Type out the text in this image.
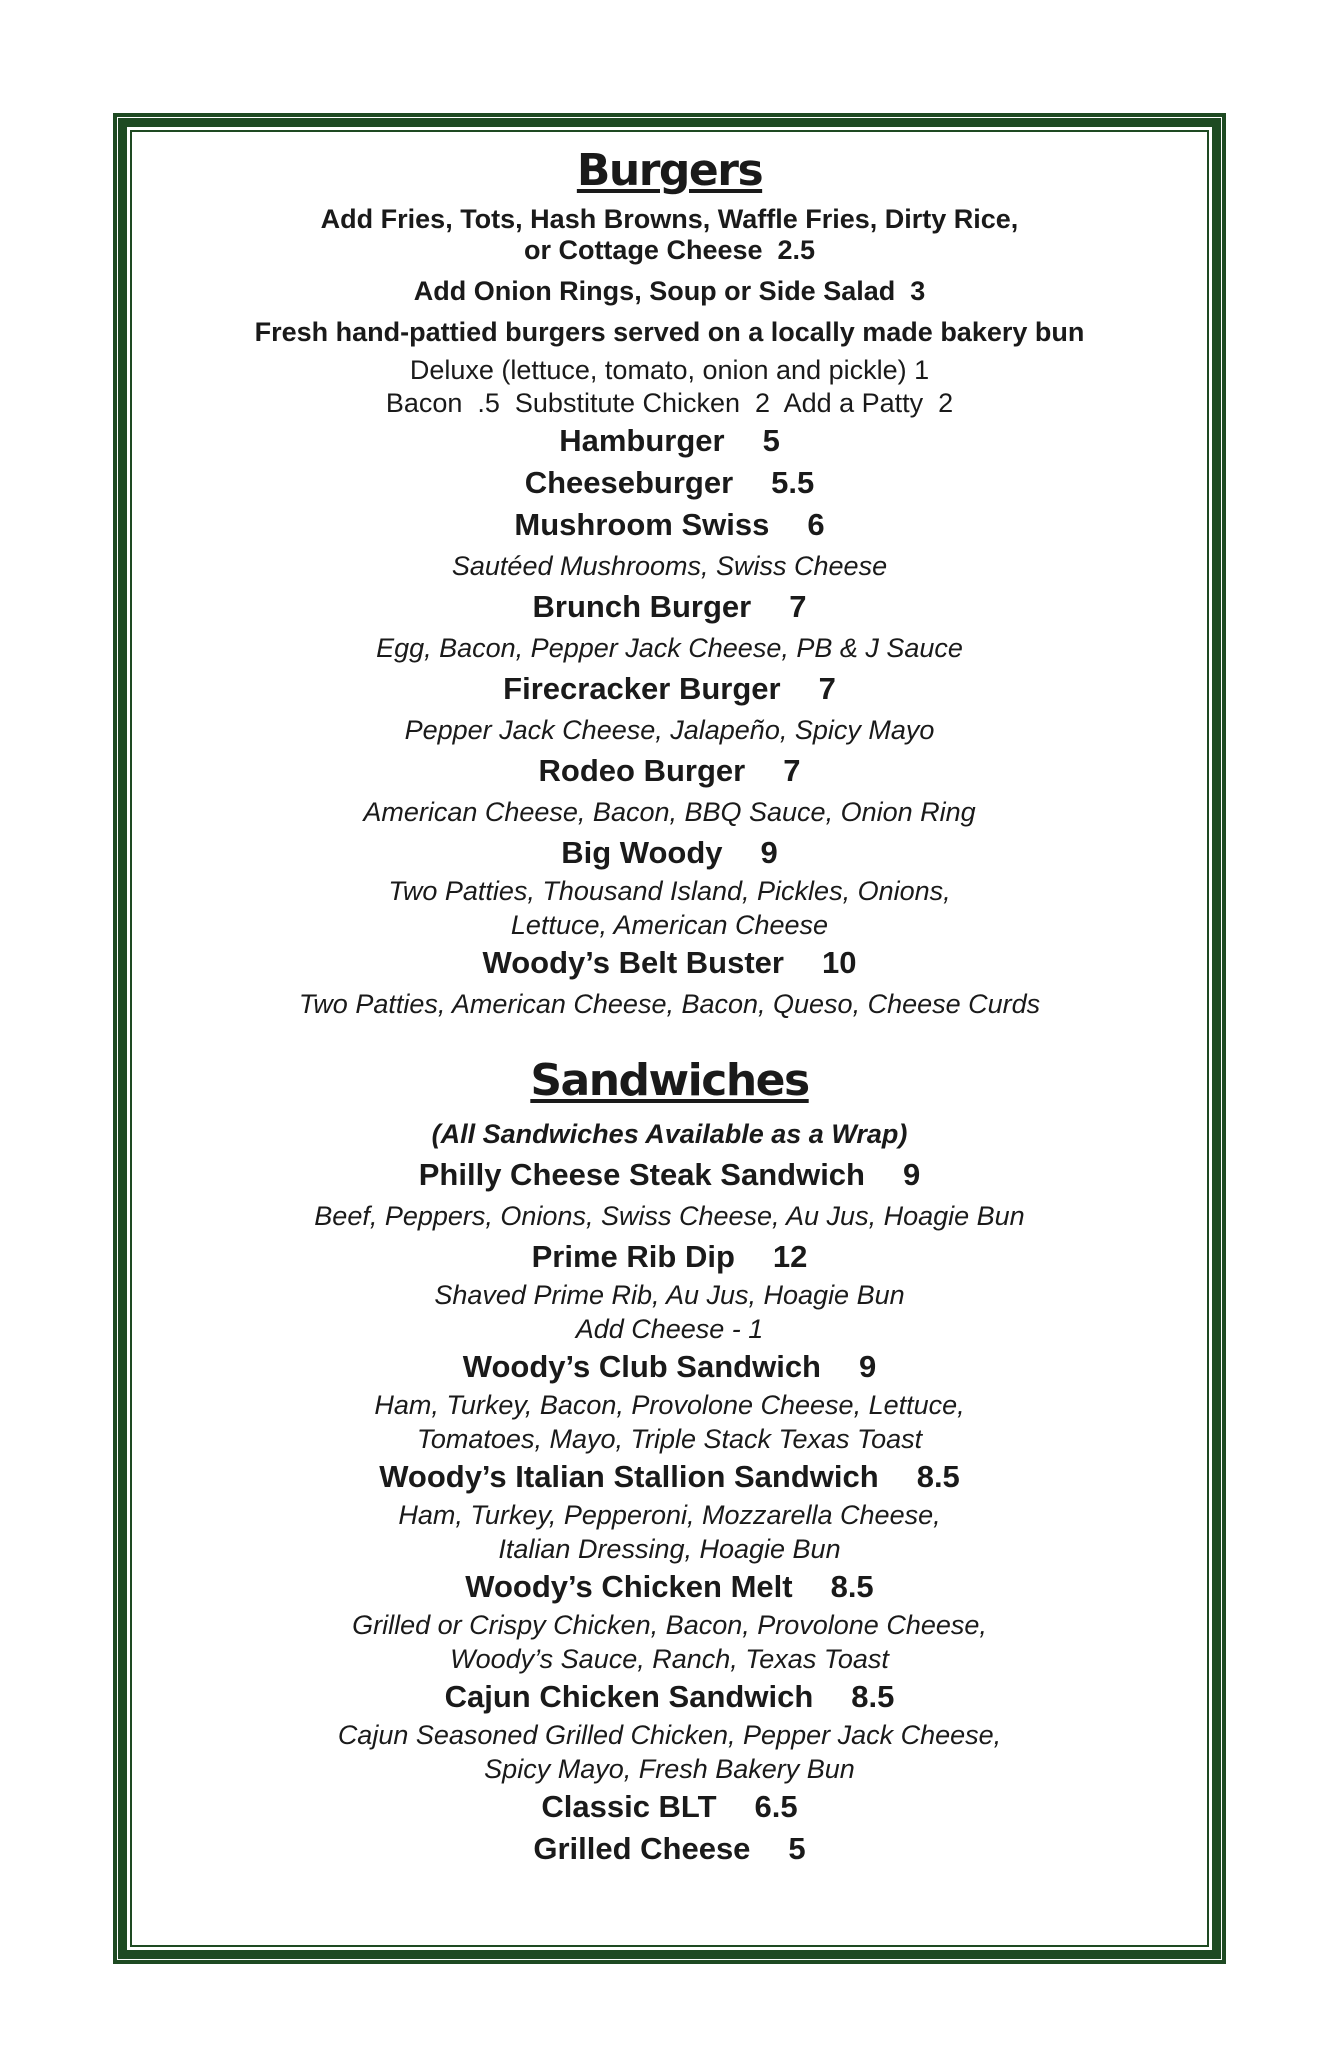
Burgers
Add Fries, Tots, Hash Browns, Waffle Fries, Dirty Rice,
or Cottage Cheese  2.5
Add Onion Rings, Soup or Side Salad  3
Fresh hand-pattied burgers served on a locally made bakery bun
Deluxe (lettuce, tomato, onion and pickle) 1
Bacon  .5  Substitute Chicken  2  Add a Patty  2
Hamburger 5
Cheeseburger 5.5
Mushroom Swiss 6
Sautéed Mushrooms, Swiss Cheese
Brunch Burger 7
Egg, Bacon, Pepper Jack Cheese, PB & J Sauce
Firecracker Burger 7
Pepper Jack Cheese, Jalapeño, Spicy Mayo
Rodeo Burger 7
American Cheese, Bacon, BBQ Sauce, Onion Ring
Big Woody 9
Two Patties, Thousand Island, Pickles, Onions,
Lettuce, American Cheese
Woody’s Belt Buster 10
Two Patties, American Cheese, Bacon, Queso, Cheese Curds
Sandwiches
(All Sandwiches Available as a Wrap)
Philly Cheese Steak Sandwich 9
Beef, Peppers, Onions, Swiss Cheese, Au Jus, Hoagie Bun
Prime Rib Dip 12
Shaved Prime Rib, Au Jus, Hoagie Bun
Add Cheese - 1
Woody’s Club Sandwich 9
Ham, Turkey, Bacon, Provolone Cheese, Lettuce,
Tomatoes, Mayo, Triple Stack Texas Toast
Woody’s Italian Stallion Sandwich 8.5
Ham, Turkey, Pepperoni, Mozzarella Cheese,
Italian Dressing, Hoagie Bun
Woody’s Chicken Melt 8.5
Grilled or Crispy Chicken, Bacon, Provolone Cheese,
Woody’s Sauce, Ranch, Texas Toast
Cajun Chicken Sandwich 8.5
Cajun Seasoned Grilled Chicken, Pepper Jack Cheese,
Spicy Mayo, Fresh Bakery Bun
Classic BLT 6.5
Grilled Cheese 5
